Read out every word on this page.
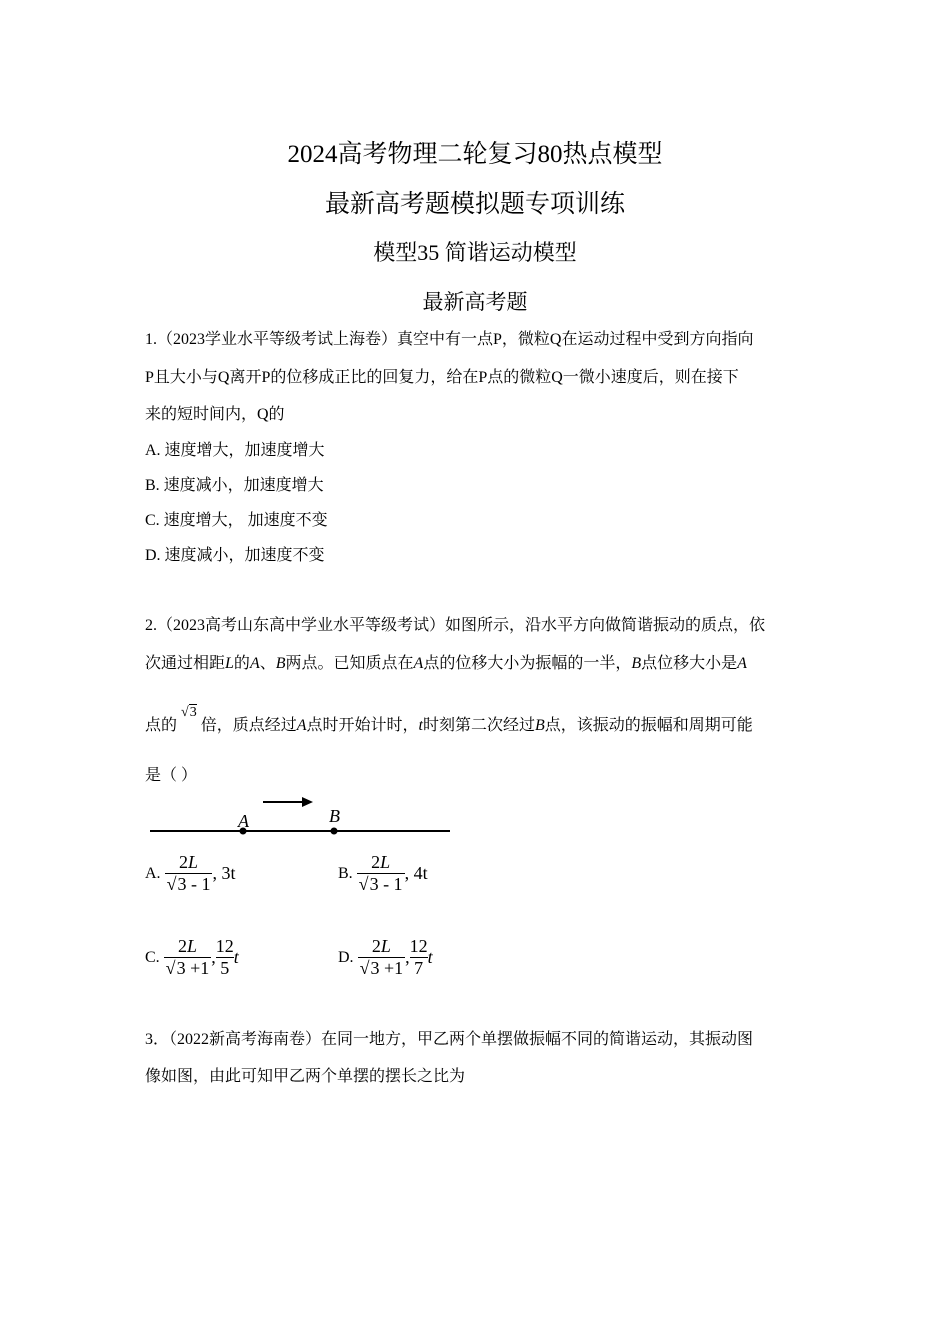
2024高考物理二轮复习80热点模型
最新高考题模拟题专项训练
模型35 简谐运动模型
最新高考题
1.（2023学业水平等级考试上海卷）真空中有一点P，微粒Q在运动过程中受到方向指向
P且大小与Q离开P的位移成正比的回复力，给在P点的微粒Q一微小速度后，则在接下
来的短时间内，Q的
A. 速度增大，加速度增大
B. 速度减小，加速度增大
C. 速度增大， 加速度不变
D. 速度减小，加速度不变
2.（2023高考山东高中学业水平等级考试）如图所示，沿水平方向做简谐振动的质点，依
次通过相距L的A、B两点。已知质点在A点的位移大小为振幅的一半，B点位移大小是A
点的√3倍，质点经过A点时开始计时，t时刻第二次经过B点，该振动的振幅和周期可能
是（ ）
A	B
A. $\frac{2L}{√3 - 1}$ , 3t	B. $\frac{2L}{√3 - 1}$ , 4t
C. $\frac{2L}{√3 +1}$ , $\frac{12}{5}$ t	D. $\frac{2L}{√3 +1}$ , $\frac{12}{7}$ t
3．（2022新高考海南卷）在同一地方，甲乙两个单摆做振幅不同的简谐运动，其振动图
像如图，由此可知甲乙两个单摆的摆长之比为
